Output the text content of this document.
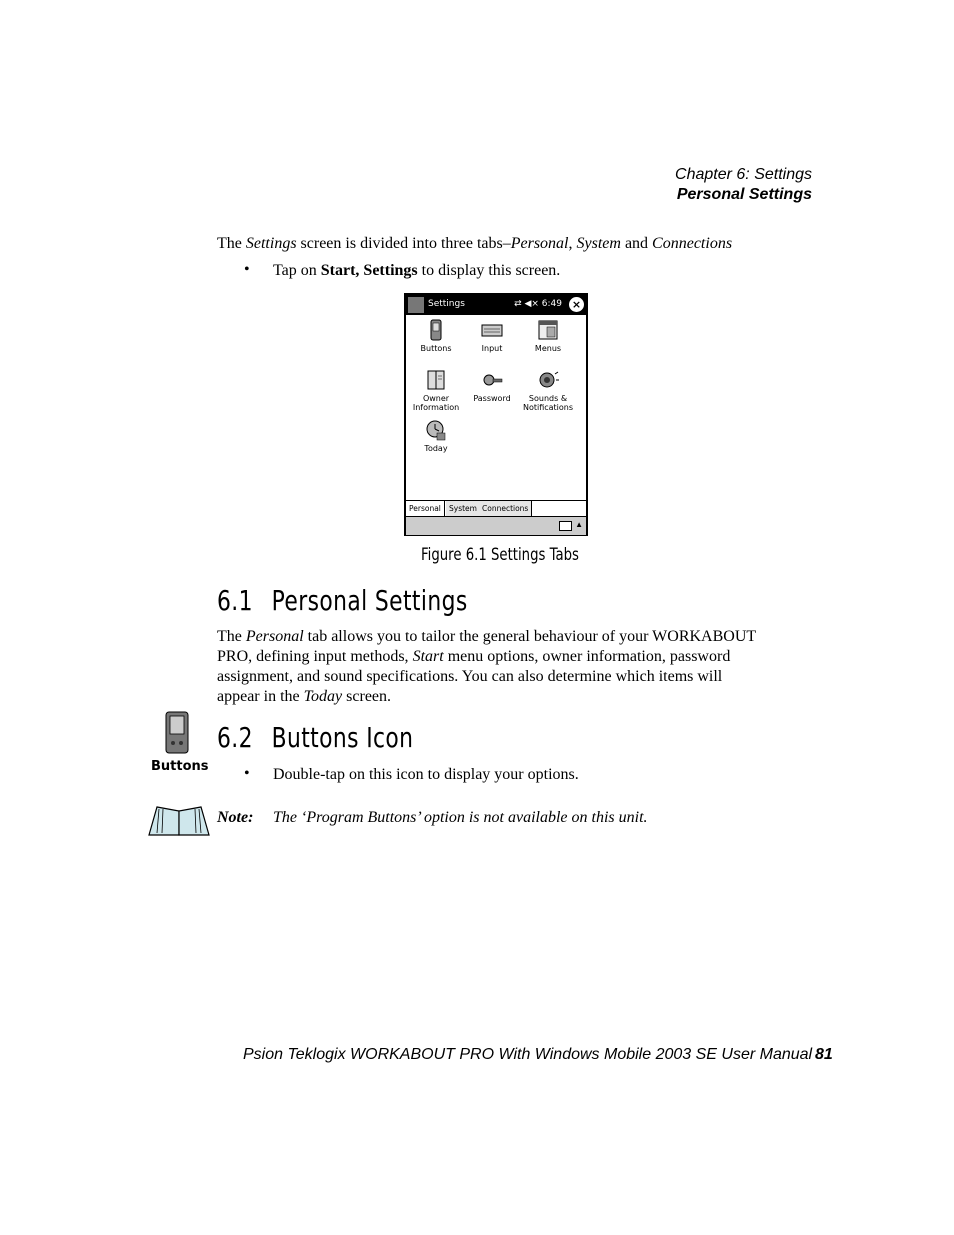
Chapter 6: Settings
Personal Settings
The Settings screen is divided into three tabs–Personal, System and Connections
• Tap on Start, Settings to display this screen.
Settings	⇄ ◀× 6:49 ×
Buttons	Input	Menus
Owner
Information
Password	Sounds &
Notifications
Today
Personal	System Connections
▲
Figure 6.1 Settings Tabs
6.1 Personal Settings
The Personal tab allows you to tailor the general behaviour of your WORKABOUT
PRO, defining input methods, Start menu options, owner information, password
assignment, and sound specifications. You can also determine which items will
appear in the Today screen.
Buttons
6.2 Buttons Icon
• Double-tap on this icon to display your options.
Note: The ‘Program Buttons’ option is not available on this unit.
Psion Teklogix WORKABOUT PRO With Windows Mobile 2003 SE User Manual 81
